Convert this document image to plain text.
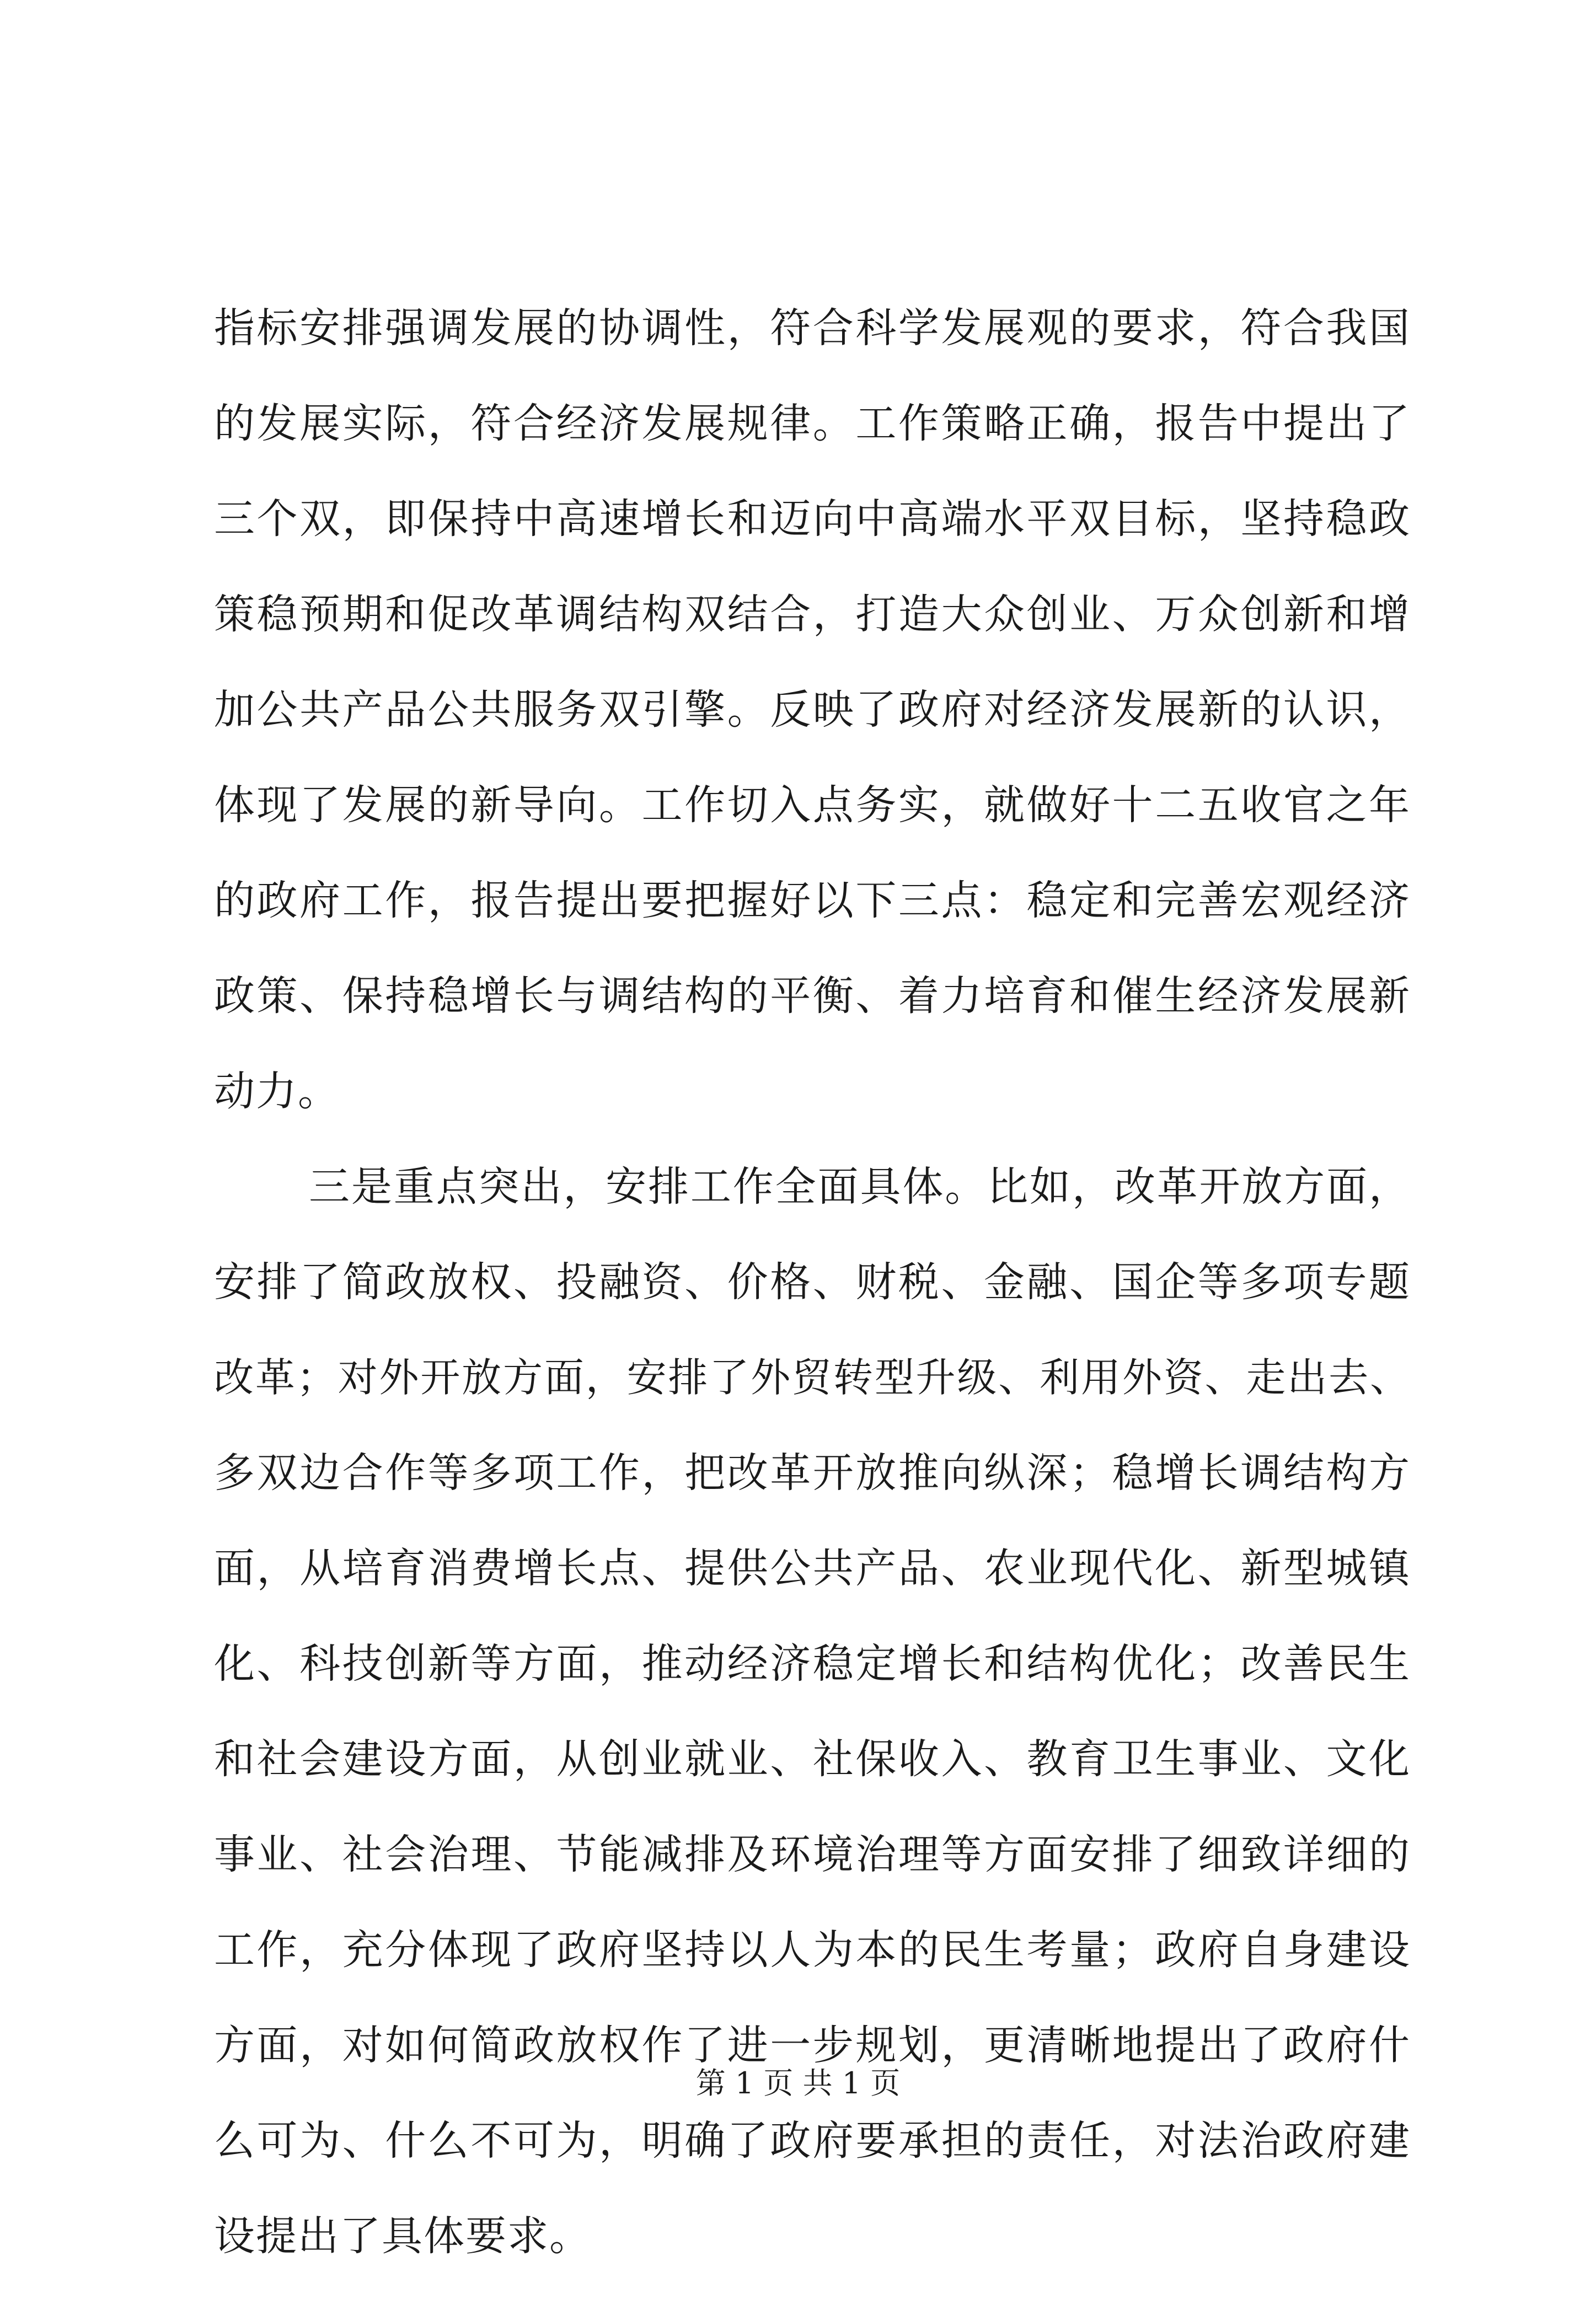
指标安排强调发展的协调性，符合科学发展观的要求，符合我国
的发展实际，符合经济发展规律。工作策略正确，报告中提出了
三个双，即保持中高速增长和迈向中高端水平双目标，坚持稳政
策稳预期和促改革调结构双结合，打造大众创业、万众创新和增
加公共产品公共服务双引擎。反映了政府对经济发展新的认识，
体现了发展的新导向。工作切入点务实，就做好十二五收官之年
的政府工作，报告提出要把握好以下三点：稳定和完善宏观经济
政策、保持稳增长与调结构的平衡、着力培育和催生经济发展新
动力。
三是重点突出，安排工作全面具体。比如，改革开放方面，
安排了简政放权、投融资、价格、财税、金融、国企等多项专题
改革；对外开放方面，安排了外贸转型升级、利用外资、走出去、
多双边合作等多项工作，把改革开放推向纵深；稳增长调结构方
面，从培育消费增长点、提供公共产品、农业现代化、新型城镇
化、科技创新等方面，推动经济稳定增长和结构优化；改善民生
和社会建设方面，从创业就业、社保收入、教育卫生事业、文化
事业、社会治理、节能减排及环境治理等方面安排了细致详细的
工作，充分体现了政府坚持以人为本的民生考量；政府自身建设
方面，对如何简政放权作了进一步规划，更清晰地提出了政府什
么可为、什么不可为，明确了政府要承担的责任，对法治政府建
设提出了具体要求。
第 1 页 共 1 页
